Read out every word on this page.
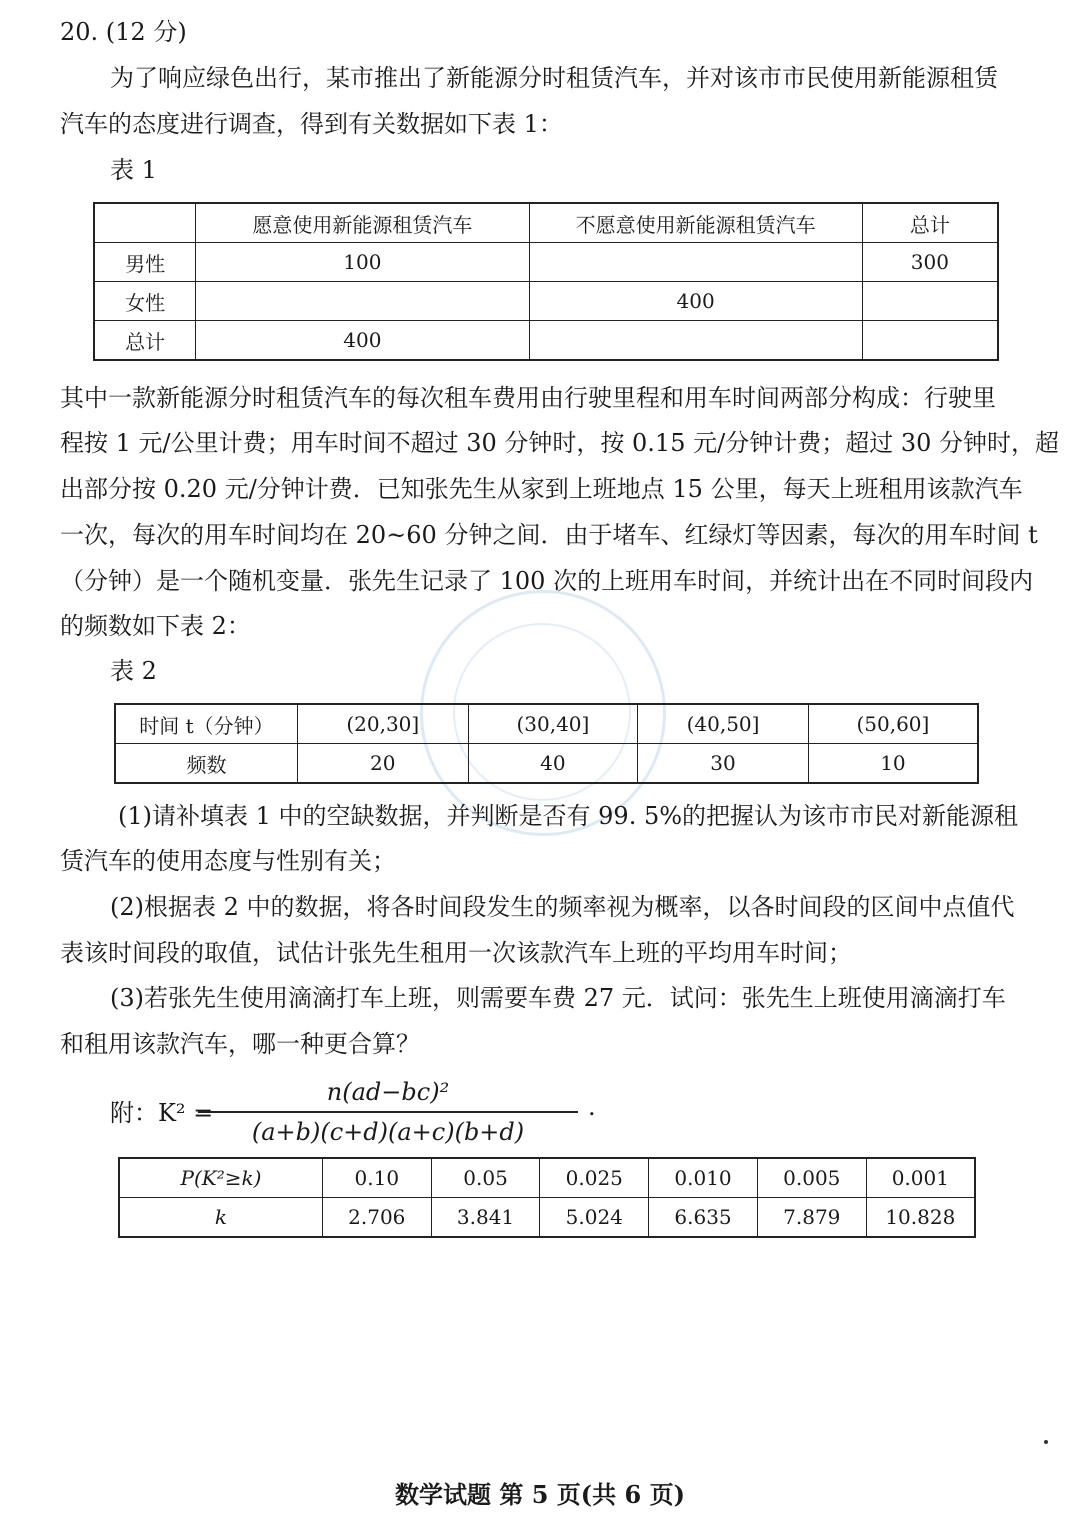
20. (12 分)
为了响应绿色出行，某市推出了新能源分时租赁汽车，并对该市市民使用新能源租赁
汽车的态度进行调查，得到有关数据如下表 1：
表 1
	愿意使用新能源租赁汽车	不愿意使用新能源租赁汽车	总计
男性	100		300
女性		400	
总计	400		
其中一款新能源分时租赁汽车的每次租车费用由行驶里程和用车时间两部分构成：行驶里
程按 1 元/公里计费；用车时间不超过 30 分钟时，按 0.15 元/分钟计费；超过 30 分钟时，超
出部分按 0.20 元/分钟计费．已知张先生从家到上班地点 15 公里，每天上班租用该款汽车
一次，每次的用车时间均在 20~60 分钟之间．由于堵车、红绿灯等因素，每次的用车时间 t
（分钟）是一个随机变量．张先生记录了 100 次的上班用车时间，并统计出在不同时间段内
的频数如下表 2：
表 2
时间 t（分钟）	(20,30]	(30,40]	(40,50]	(50,60]
频数	20	40	30	10
(1)请补填表 1 中的空缺数据，并判断是否有 99. 5%的把握认为该市市民对新能源租
赁汽车的使用态度与性别有关；
(2)根据表 2 中的数据，将各时间段发生的频率视为概率，以各时间段的区间中点值代
表该时间段的取值，试估计张先生租用一次该款汽车上班的平均用车时间；
(3)若张先生使用滴滴打车上班，则需要车费 27 元．试问：张先生上班使用滴滴打车
和租用该款汽车，哪一种更合算？
附：K² =
n(ad−bc)²
(a+b)(c+d)(a+c)(b+d)
.
P(K²≥k)	0.10	0.05	0.025	0.010	0.005	0.001
k	2.706	3.841	5.024	6.635	7.879	10.828
数学试题 第 5 页(共 6 页)
